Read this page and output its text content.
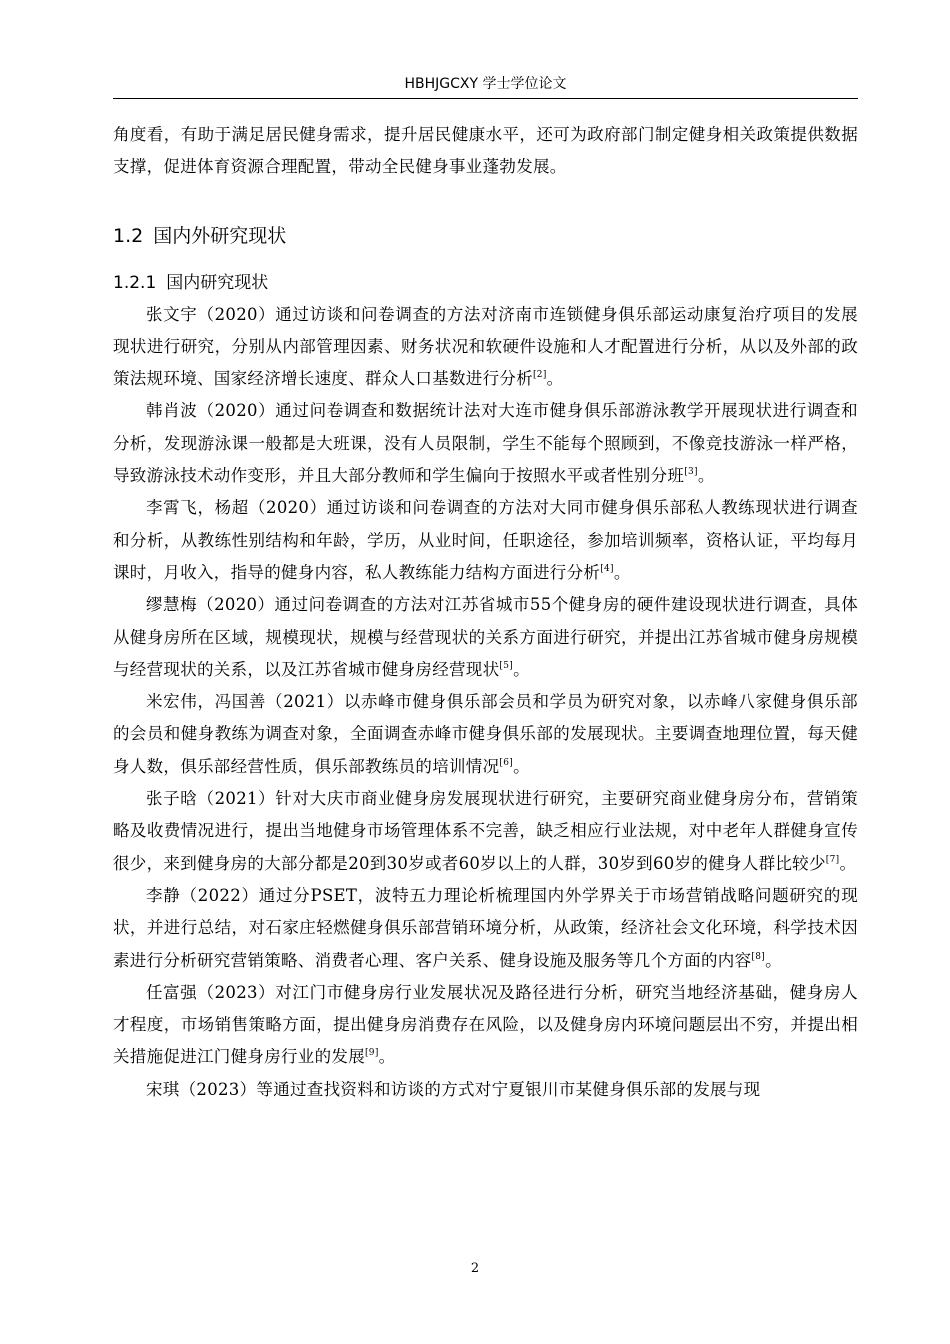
HBHJGCXY 学士学位论文

角度看，有助于满足居民健身需求，提升居民健康水平，还可为政府部门制定健身相关政策提供数据支撑，促进体育资源合理配置，带动全民健身事业蓬勃发展。

1.2 国内外研究现状
1.2.1 国内研究现状

张文宇（2020）通过访谈和问卷调查的方法对济南市连锁健身俱乐部运动康复治疗项目的发展现状进行研究，分别从内部管理因素、财务状况和软硬件设施和人才配置进行分析，从以及外部的政策法规环境、国家经济增长速度、群众人口基数进行分析[2]。

韩肖波（2020）通过问卷调查和数据统计法对大连市健身俱乐部游泳教学开展现状进行调查和分析，发现游泳课一般都是大班课，没有人员限制，学生不能每个照顾到，不像竞技游泳一样严格，导致游泳技术动作变形，并且大部分教师和学生偏向于按照水平或者性别分班[3]。

李霄飞，杨超（2020）通过访谈和问卷调查的方法对大同市健身俱乐部私人教练现状进行调查和分析，从教练性别结构和年龄，学历，从业时间，任职途径，参加培训频率，资格认证，平均每月课时，月收入，指导的健身内容，私人教练能力结构方面进行分析[4]。

缪慧梅（2020）通过问卷调查的方法对江苏省城市55个健身房的硬件建设现状进行调查，具体从健身房所在区域，规模现状，规模与经营现状的关系方面进行研究，并提出江苏省城市健身房规模与经营现状的关系，以及江苏省城市健身房经营现状[5]。

米宏伟，冯国善（2021）以赤峰市健身俱乐部会员和学员为研究对象，以赤峰八家健身俱乐部的会员和健身教练为调查对象，全面调查赤峰市健身俱乐部的发展现状。主要调查地理位置，每天健身人数，俱乐部经营性质，俱乐部教练员的培训情况[6]。

张子晗（2021）针对大庆市商业健身房发展现状进行研究，主要研究商业健身房分布，营销策略及收费情况进行，提出当地健身市场管理体系不完善，缺乏相应行业法规，对中老年人群健身宣传很少，来到健身房的大部分都是20到30岁或者60岁以上的人群，30岁到60岁的健身人群比较少[7]。

李静（2022）通过分PSET，波特五力理论析梳理国内外学界关于市场营销战略问题研究的现状，并进行总结，对石家庄轻燃健身俱乐部营销环境分析，从政策，经济社会文化环境，科学技术因素进行分析研究营销策略、消费者心理、客户关系、健身设施及服务等几个方面的内容[8]。

任富强（2023）对江门市健身房行业发展状况及路径进行分析，研究当地经济基础，健身房人才程度，市场销售策略方面，提出健身房消费存在风险，以及健身房内环境问题层出不穷，并提出相关措施促进江门健身房行业的发展[9]。

宋琪（2023）等通过查找资料和访谈的方式对宁夏银川市某健身俱乐部的发展与现

2
